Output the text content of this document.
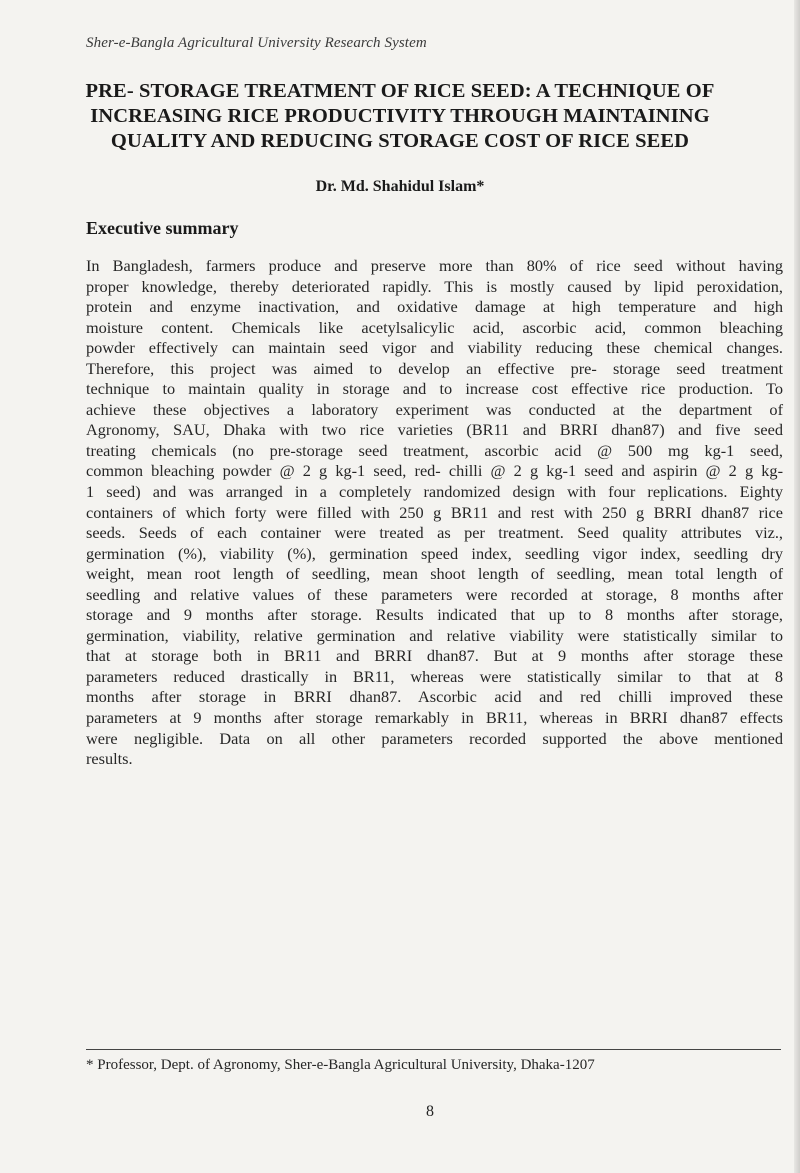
Sher-e-Bangla Agricultural University Research System
PRE- STORAGE TREATMENT OF RICE SEED: A TECHNIQUE OF
INCREASING RICE PRODUCTIVITY THROUGH MAINTAINING
QUALITY AND REDUCING STORAGE COST OF RICE SEED
Dr. Md. Shahidul Islam*
Executive summary
In Bangladesh, farmers produce and preserve more than 80% of rice seed without having
proper knowledge, thereby deteriorated rapidly. This is mostly caused by lipid peroxidation,
protein and enzyme inactivation, and oxidative damage at high temperature and high
moisture content. Chemicals like acetylsalicylic acid, ascorbic acid, common bleaching
powder effectively can maintain seed vigor and viability reducing these chemical changes.
Therefore, this project was aimed to develop an effective pre- storage seed treatment
technique to maintain quality in storage and to increase cost effective rice production. To
achieve these objectives a laboratory experiment was conducted at the department of
Agronomy, SAU, Dhaka with two rice varieties (BR11 and BRRI dhan87) and five seed
treating chemicals (no pre-storage seed treatment, ascorbic acid @ 500 mg kg-1 seed,
common bleaching powder @ 2 g kg-1 seed, red- chilli @ 2 g kg-1 seed and aspirin @ 2 g kg-
1 seed) and was arranged in a completely randomized design with four replications. Eighty
containers of which forty were filled with 250 g BR11 and rest with 250 g BRRI dhan87 rice
seeds. Seeds of each container were treated as per treatment. Seed quality attributes viz.,
germination (%), viability (%), germination speed index, seedling vigor index, seedling dry
weight, mean root length of seedling, mean shoot length of seedling, mean total length of
seedling and relative values of these parameters were recorded at storage, 8 months after
storage and 9 months after storage. Results indicated that up to 8 months after storage,
germination, viability, relative germination and relative viability were statistically similar to
that at storage both in BR11 and BRRI dhan87. But at 9 months after storage these
parameters reduced drastically in BR11, whereas were statistically similar to that at 8
months after storage in BRRI dhan87. Ascorbic acid and red chilli improved these
parameters at 9 months after storage remarkably in BR11, whereas in BRRI dhan87 effects
were negligible. Data on all other parameters recorded supported the above mentioned
results.
* Professor, Dept. of Agronomy, Sher-e-Bangla Agricultural University, Dhaka-1207
8
